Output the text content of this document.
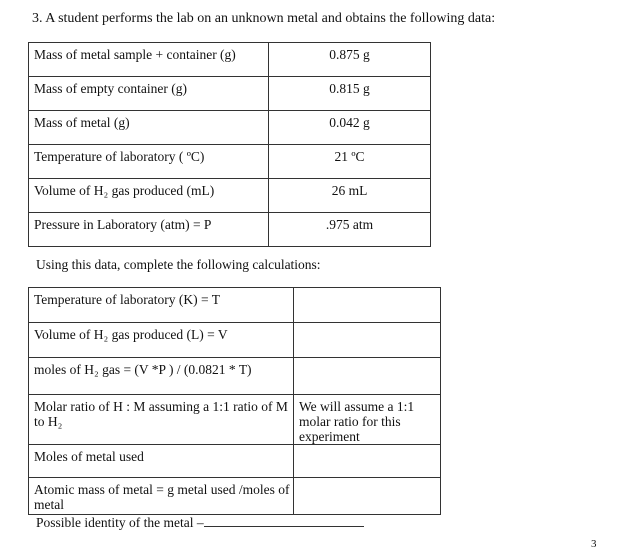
3. A student performs the lab on an unknown metal and obtains the following data:
Mass of metal sample + container (g)	0.875 g
Mass of empty container (g)	0.815 g
Mass of metal (g)	0.042 g
Temperature of laboratory ( ºC)	21 ºC
Volume of H₂ gas produced (mL)	26 mL
Pressure in Laboratory (atm) = P	.975 atm
Using this data, complete the following calculations:
Temperature of laboratory (K) = T	
Volume of H₂ gas produced (L) = V	
moles of H₂ gas = (V *P ) / (0.0821 * T)	
Molar ratio of H : M assuming a 1:1 ratio of M to H₂	We will assume a 1:1 molar ratio for this experiment
Moles of metal used	
Atomic mass of metal = g metal used /moles of metal	
Possible identity of the metal –
3
